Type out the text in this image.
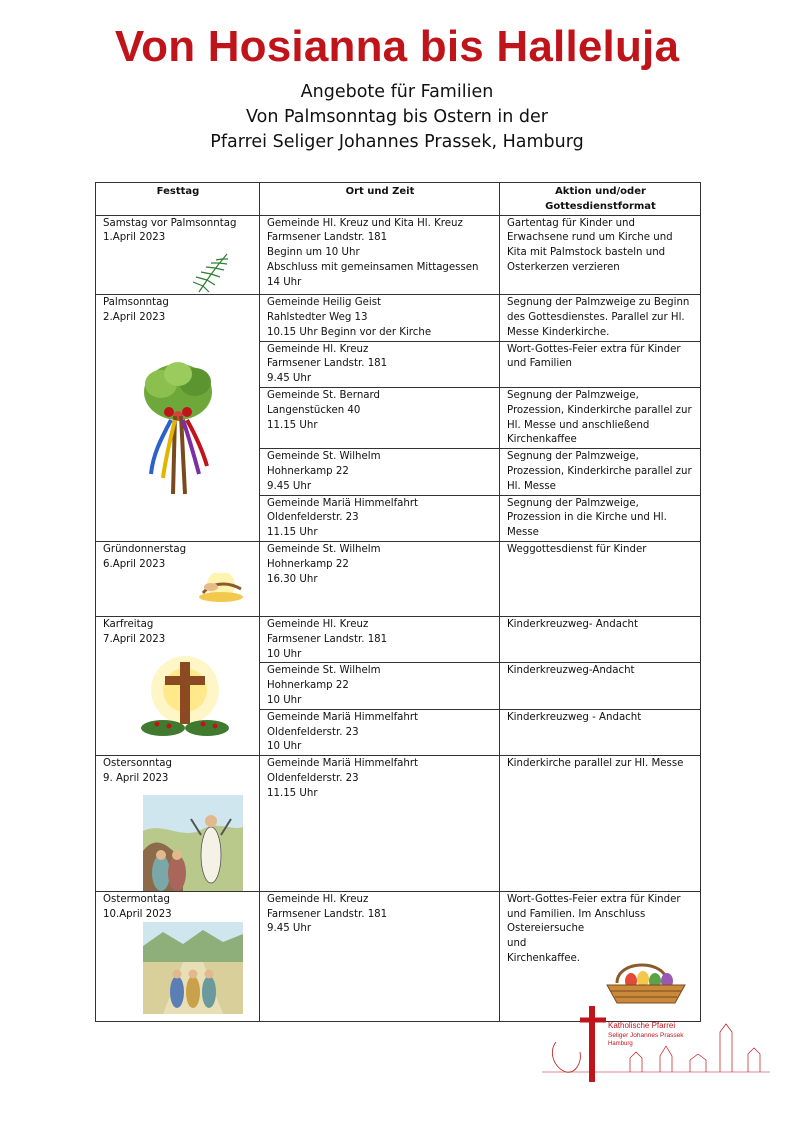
Von Hosianna bis Halleluja
Angebote für Familien
Von Palmsonntag bis Ostern in der
Pfarrei Seliger Johannes Prassek, Hamburg
Festtag	Ort und Zeit	Aktion und/oder Gottesdienstformat

Samstag vor Palmsonntag
1.April 2023	Gemeinde Hl. Kreuz und Kita Hl. Kreuz
Farmsener Landstr. 181
Beginn um 10 Uhr
Abschluss mit gemeinsamen Mittagessen 14 Uhr	Gartentag für Kinder und Erwachsene rund um Kirche und Kita mit Palmstock basteln und Osterkerzen verzieren

Palmsonntag
2.April 2023	Gemeinde Heilig Geist
Rahlstedter Weg 13
10.15 Uhr Beginn vor der Kirche	Segnung der Palmzweige zu Beginn des Gottesdienstes. Parallel zur Hl. Messe Kinderkirche.

	Gemeinde Hl. Kreuz
Farmsener Landstr. 181
9.45 Uhr	Wort-Gottes-Feier extra für Kinder und Familien

	Gemeinde St. Bernard
Langenstücken 40
11.15 Uhr	Segnung der Palmzweige, Prozession, Kinderkirche parallel zur Hl. Messe und anschließend Kirchenkaffee

	Gemeinde St. Wilhelm
Hohnerkamp 22
9.45 Uhr	Segnung der Palmzweige, Prozession, Kinderkirche parallel zur Hl. Messe

	Gemeinde Mariä Himmelfahrt
Oldenfelderstr. 23
11.15 Uhr	Segnung der Palmzweige, Prozession in die Kirche und Hl. Messe

Gründonnerstag
6.April 2023	Gemeinde St. Wilhelm
Hohnerkamp 22
16.30 Uhr	Weggottesdienst für Kinder

Karfreitag
7.April 2023	Gemeinde Hl. Kreuz
Farmsener Landstr. 181
10 Uhr	Kinderkreuzweg- Andacht

	Gemeinde St. Wilhelm
Hohnerkamp 22
10 Uhr	Kinderkreuzweg-Andacht

	Gemeinde Mariä Himmelfahrt
Oldenfelderstr. 23
10 Uhr	Kinderkreuzweg - Andacht

Ostersonntag
9. April 2023	Gemeinde Mariä Himmelfahrt
Oldenfelderstr. 23
11.15 Uhr	Kinderkirche parallel zur Hl. Messe

Ostermontag
10.April 2023	Gemeinde Hl. Kreuz
Farmsener Landstr. 181
9.45 Uhr	Wort-Gottes-Feier extra für Kinder
und Familien. Im Anschluss
Ostereiersuche
und
Kirchenkaffee.
Katholische Pfarrei
Seliger Johannes Prassek
Hamburg
